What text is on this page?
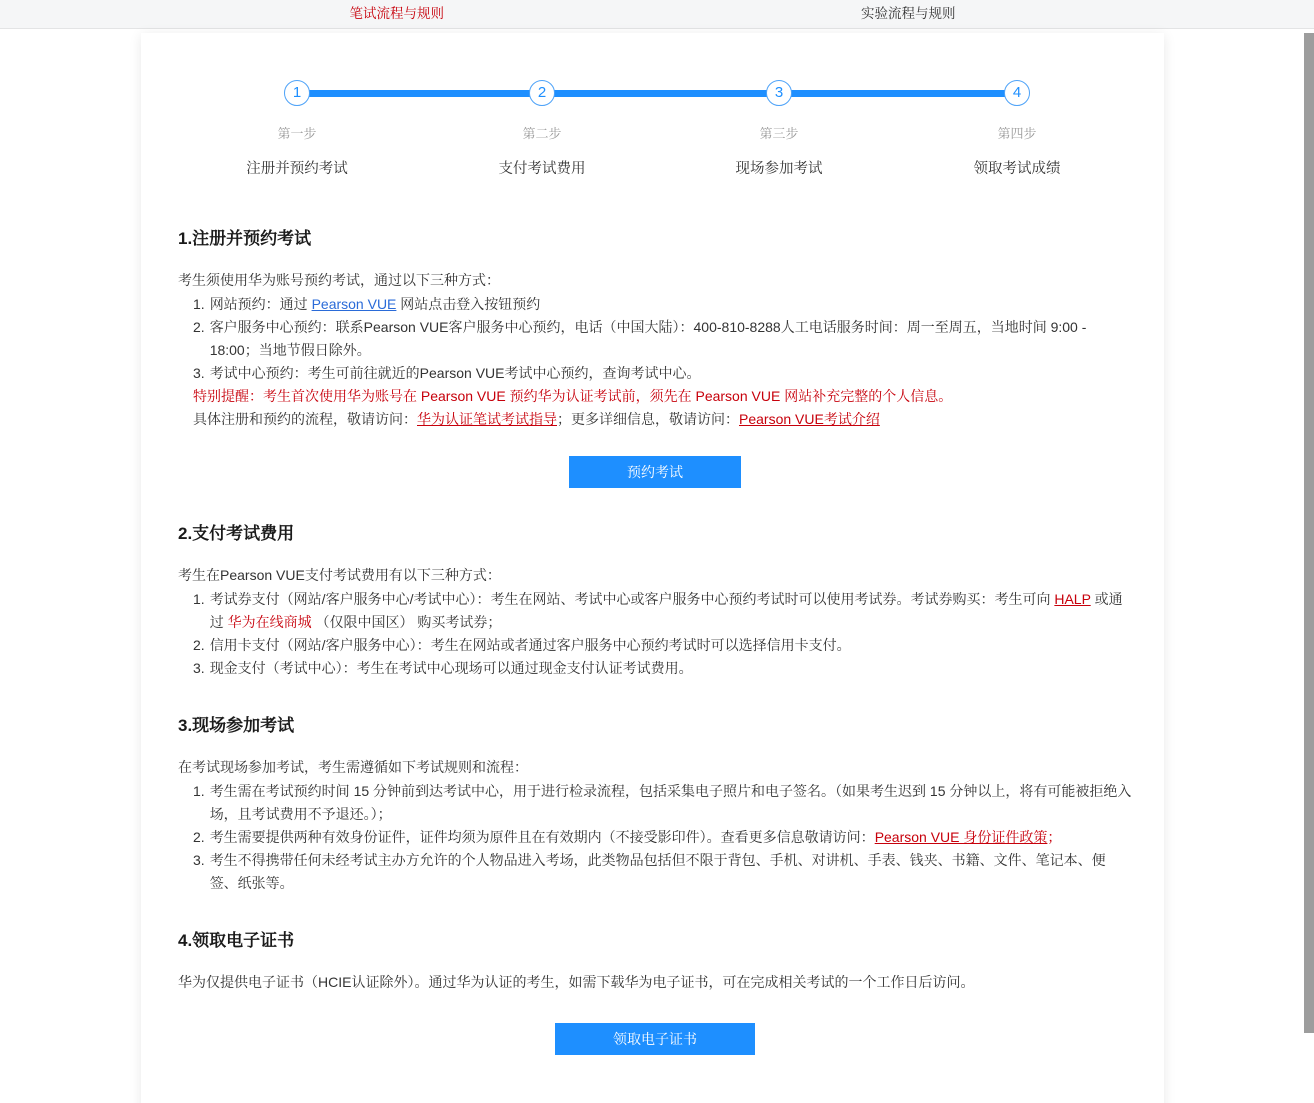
笔试流程与规则	实验流程与规则
1
第一步
注册并预约考试
2
第二步
支付考试费用
3
第三步
现场参加考试
4
第四步
领取考试成绩
1.注册并预约考试

考生须使用华为账号预约考试，通过以下三种方式：

1. 网站预约：通过 Pearson VUE 网站点击登入按钮预约
2. 客户服务中心预约：联系Pearson VUE客户服务中心预约，电话（中国大陆）：400-810-8288人工电话服务时间：周一至周五，当地时间 9:00 - 18:00；当地节假日除外。
3. 考试中心预约：考生可前往就近的Pearson VUE考试中心预约，查询考试中心。
特别提醒：考生首次使用华为账号在 Pearson VUE 预约华为认证考试前，须先在 Pearson VUE 网站补充完整的个人信息。
具体注册和预约的流程，敬请访问：华为认证笔试考试指导；更多详细信息，敬请访问：Pearson VUE考试介绍
预约考试
2.支付考试费用

考生在Pearson VUE支付考试费用有以下三种方式：

1. 考试券支付（网站/客户服务中心/考试中心）：考生在网站、考试中心或客户服务中心预约考试时可以使用考试券。考试券购买：考生可向 HALP 或通过 华为在线商城 （仅限中国区） 购买考试券；
2. 信用卡支付（网站/客户服务中心）：考生在网站或者通过客户服务中心预约考试时可以选择信用卡支付。
3. 现金支付（考试中心）：考生在考试中心现场可以通过现金支付认证考试费用。
3.现场参加考试

在考试现场参加考试，考生需遵循如下考试规则和流程：

1. 考生需在考试预约时间 15 分钟前到达考试中心，用于进行检录流程，包括采集电子照片和电子签名。（如果考生迟到 15 分钟以上，将有可能被拒绝入场，且考试费用不予退还。）；
2. 考生需要提供两种有效身份证件，证件均须为原件且在有效期内（不接受影印件）。查看更多信息敬请访问：Pearson VUE 身份证件政策；
3. 考生不得携带任何未经考试主办方允许的个人物品进入考场，此类物品包括但不限于背包、手机、对讲机、手表、钱夹、书籍、文件、笔记本、便签、纸张等。
4.领取电子证书

华为仅提供电子证书（HCIE认证除外）。通过华为认证的考生，如需下载华为电子证书，可在完成相关考试的一个工作日后访问。

领取电子证书
